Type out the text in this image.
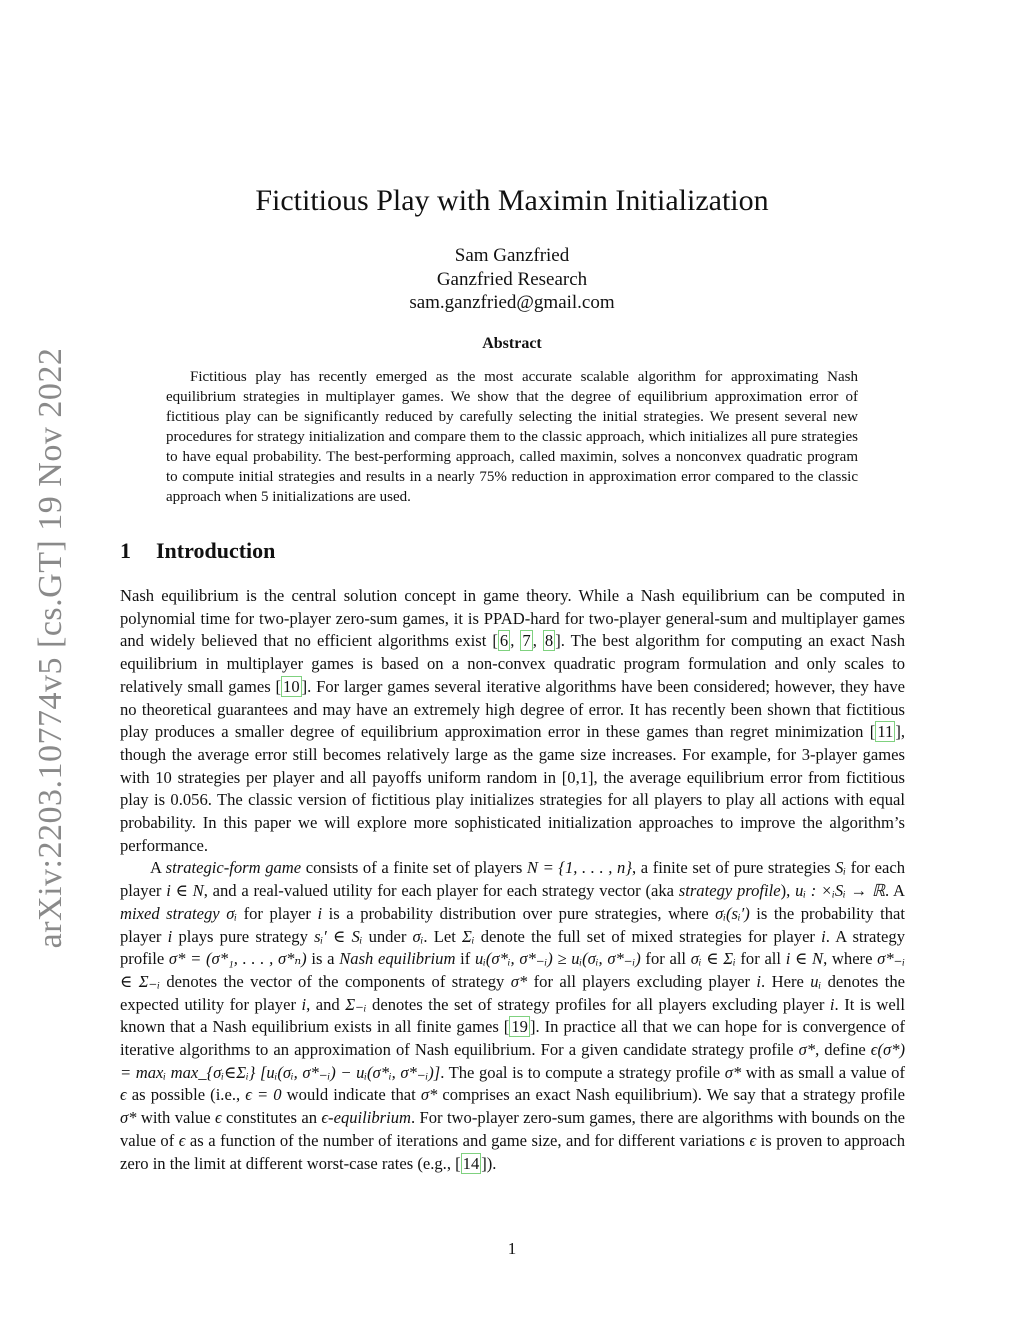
arXiv:2203.10774v5 [cs.GT] 19 Nov 2022
Fictitious Play with Maximin Initialization
Sam Ganzfried
Ganzfried Research
sam.ganzfried@gmail.com
Abstract

Fictitious play has recently emerged as the most accurate scalable algorithm for approximating Nash equilibrium strategies in multiplayer games. We show that the degree of equilibrium approximation error of fictitious play can be significantly reduced by carefully selecting the initial strategies. We present several new procedures for strategy initialization and compare them to the classic approach, which initializes all pure strategies to have equal probability. The best-performing approach, called maximin, solves a nonconvex quadratic program to compute initial strategies and results in a nearly 75% reduction in approximation error compared to the classic approach when 5 initializations are used.

1 Introduction

Nash equilibrium is the central solution concept in game theory. While a Nash equilibrium can be computed in polynomial time for two-player zero-sum games, it is PPAD-hard for two-player general-sum and multiplayer games and widely believed that no efficient algorithms exist [ 6 , 7 , 8 ]. The best algorithm for computing an exact Nash equilibrium in multiplayer games is based on a non-convex quadratic program formulation and only scales to relatively small games [ 10 ]. For larger games several iterative algorithms have been considered; however, they have no theoretical guarantees and may have an extremely high degree of error. It has recently been shown that fictitious play produces a smaller degree of equilibrium approximation error in these games than regret minimization [ 11 ], though the average error still becomes relatively large as the game size increases. For example, for 3-player games with 10 strategies per player and all payoffs uniform random in [0,1], the average equilibrium error from fictitious play is 0.056. The classic version of fictitious play initializes strategies for all players to play all actions with equal probability. In this paper we will explore more sophisticated initialization approaches to improve the algorithm’s performance.

A strategic-form game consists of a finite set of players N = {1, . . . , n}, a finite set of pure strategies Sᵢ for each player i ∈ N, and a real-valued utility for each player for each strategy vector (aka strategy profile), uᵢ : ×ᵢSᵢ → ℝ. A mixed strategy σᵢ for player i is a probability distribution over pure strategies, where σᵢ(sᵢ′) is the probability that player i plays pure strategy sᵢ′ ∈ Sᵢ under σᵢ. Let Σᵢ denote the full set of mixed strategies for player i. A strategy profile σ* = (σ*₁, . . . , σ*ₙ) is a Nash equilibrium if uᵢ(σ*ᵢ, σ*₋ᵢ) ≥ uᵢ(σᵢ, σ*₋ᵢ) for all σᵢ ∈ Σᵢ for all i ∈ N, where σ*₋ᵢ ∈ Σ₋ᵢ denotes the vector of the components of strategy σ* for all players excluding player i. Here uᵢ denotes the expected utility for player i, and Σ₋ᵢ denotes the set of strategy profiles for all players excluding player i. It is well known that a Nash equilibrium exists in all finite games [ 19 ]. In practice all that we can hope for is convergence of iterative algorithms to an approximation of Nash equilibrium. For a given candidate strategy profile σ*, define ϵ(σ*) = maxᵢ max_{σᵢ∈Σᵢ} [uᵢ(σᵢ, σ*₋ᵢ) − uᵢ(σ*ᵢ, σ*₋ᵢ)]. The goal is to compute a strategy profile σ* with as small a value of ϵ as possible (i.e., ϵ = 0 would indicate that σ* comprises an exact Nash equilibrium). We say that a strategy profile σ* with value ϵ constitutes an ϵ-equilibrium. For two-player zero-sum games, there are algorithms with bounds on the value of ϵ as a function of the number of iterations and game size, and for different variations ϵ is proven to approach zero in the limit at different worst-case rates (e.g., [ 14 ]).

1
